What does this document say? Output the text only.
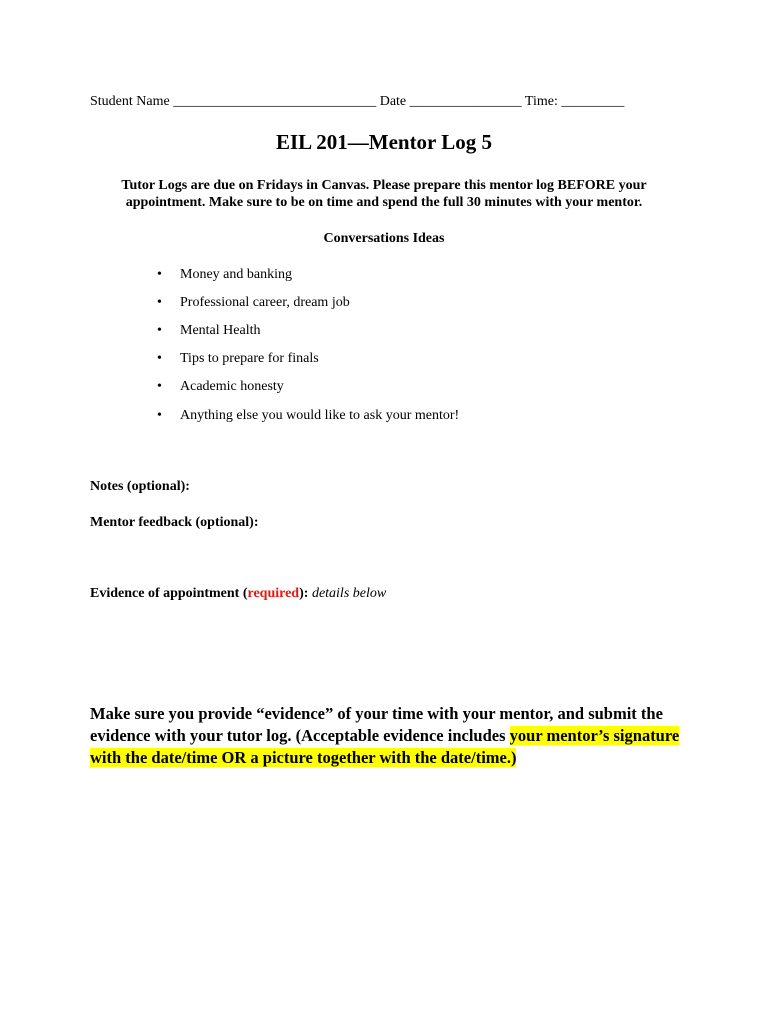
Student Name _____________________________ Date ________________ Time: _________
EIL 201—Mentor Log 5
Tutor Logs are due on Fridays in Canvas. Please prepare this mentor log BEFORE your appointment. Make sure to be on time and spend the full 30 minutes with your mentor.
Conversations Ideas
• Money and banking
• Professional career, dream job
• Mental Health
• Tips to prepare for finals
• Academic honesty
• Anything else you would like to ask your mentor!
Notes (optional):
Mentor feedback (optional):
Evidence of appointment (required): details below
Make sure you provide “evidence” of your time with your mentor, and submit the evidence with your tutor log. (Acceptable evidence includes your mentor’s signature with the date/time OR a picture together with the date/time.)
